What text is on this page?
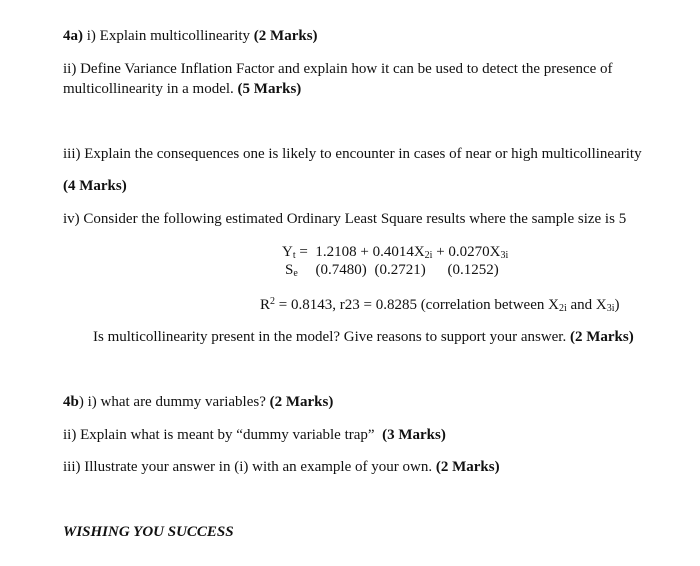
4a) i) Explain multicollinearity (2 Marks)
ii) Define Variance Inflation Factor and explain how it can be used to detect the presence of
multicollinearity in a model. (5 Marks)
iii) Explain the consequences one is likely to encounter in cases of near or high multicollinearity
(4 Marks)
iv) Consider the following estimated Ordinary Least Square results where the sample size is 5
$Y_t = 1.2108 + 0.4014X_{2i} + 0.0270X_{3i}$
$S_e$ (0.7480) (0.2721) (0.1252)
$R^2 = 0.8143$, r23 = 0.8285 (correlation between $X_{2i}$ and $X_{3i}$)
Is multicollinearity present in the model? Give reasons to support your answer. (2 Marks)
4b) i) what are dummy variables? (2 Marks)
ii) Explain what is meant by “dummy variable trap” (3 Marks)
iii) Illustrate your answer in (i) with an example of your own. (2 Marks)
WISHING YOU SUCCESS
